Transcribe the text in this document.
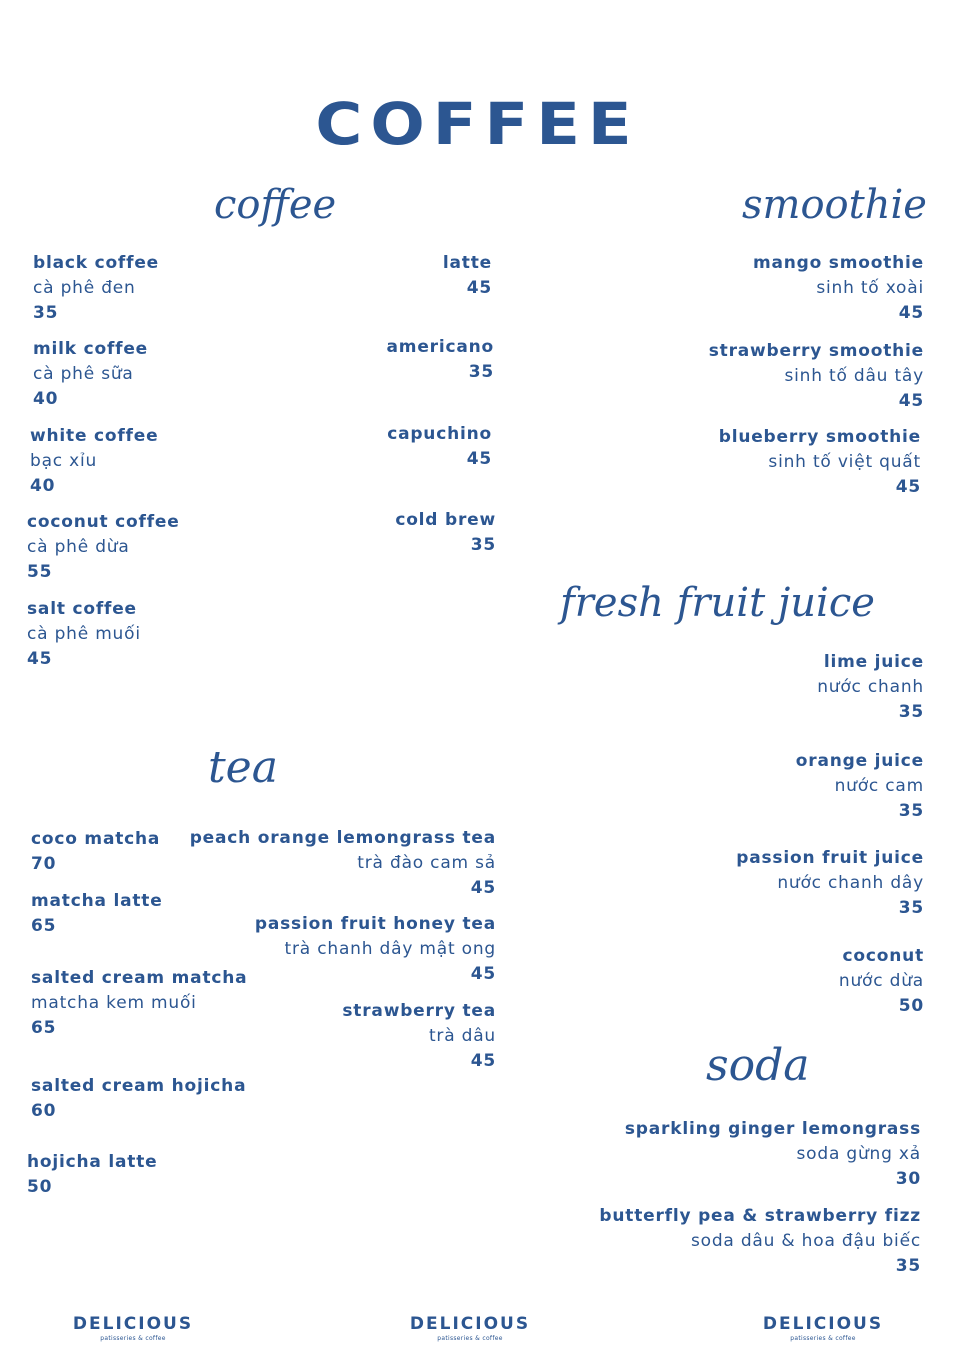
COFFEE
coffee	smoothie
fresh fruit juice
tea
soda
black coffee
cà phê đen
35
milk coffee
cà phê sữa
40
white coffee
bạc xỉu
40
coconut coffee
cà phê dừa
55
salt coffee
cà phê muối
45
latte
45
americano
35
capuchino
45
cold brew
35
mango smoothie
sinh tố xoài
45
strawberry smoothie
sinh tố dâu tây
45
blueberry smoothie
sinh tố việt quất
45
lime juice
nước chanh
35
orange juice
nước cam
35
passion fruit juice
nước chanh dây
35
coconut
nước dừa
50
coco matcha
70
matcha latte
65
salted cream matcha
matcha kem muối
65
salted cream hojicha
60
hojicha latte
50
peach orange lemongrass tea
trà đào cam sả
45
passion fruit honey tea
trà chanh dây mật ong
45
strawberry tea
trà dâu
45
sparkling ginger lemongrass
soda gừng xả
30
butterfly pea & strawberry fizz
soda dâu & hoa đậu biếc
35
DELICIOUS
patisseries & coffee
DELICIOUS
patisseries & coffee
DELICIOUS
patisseries & coffee
